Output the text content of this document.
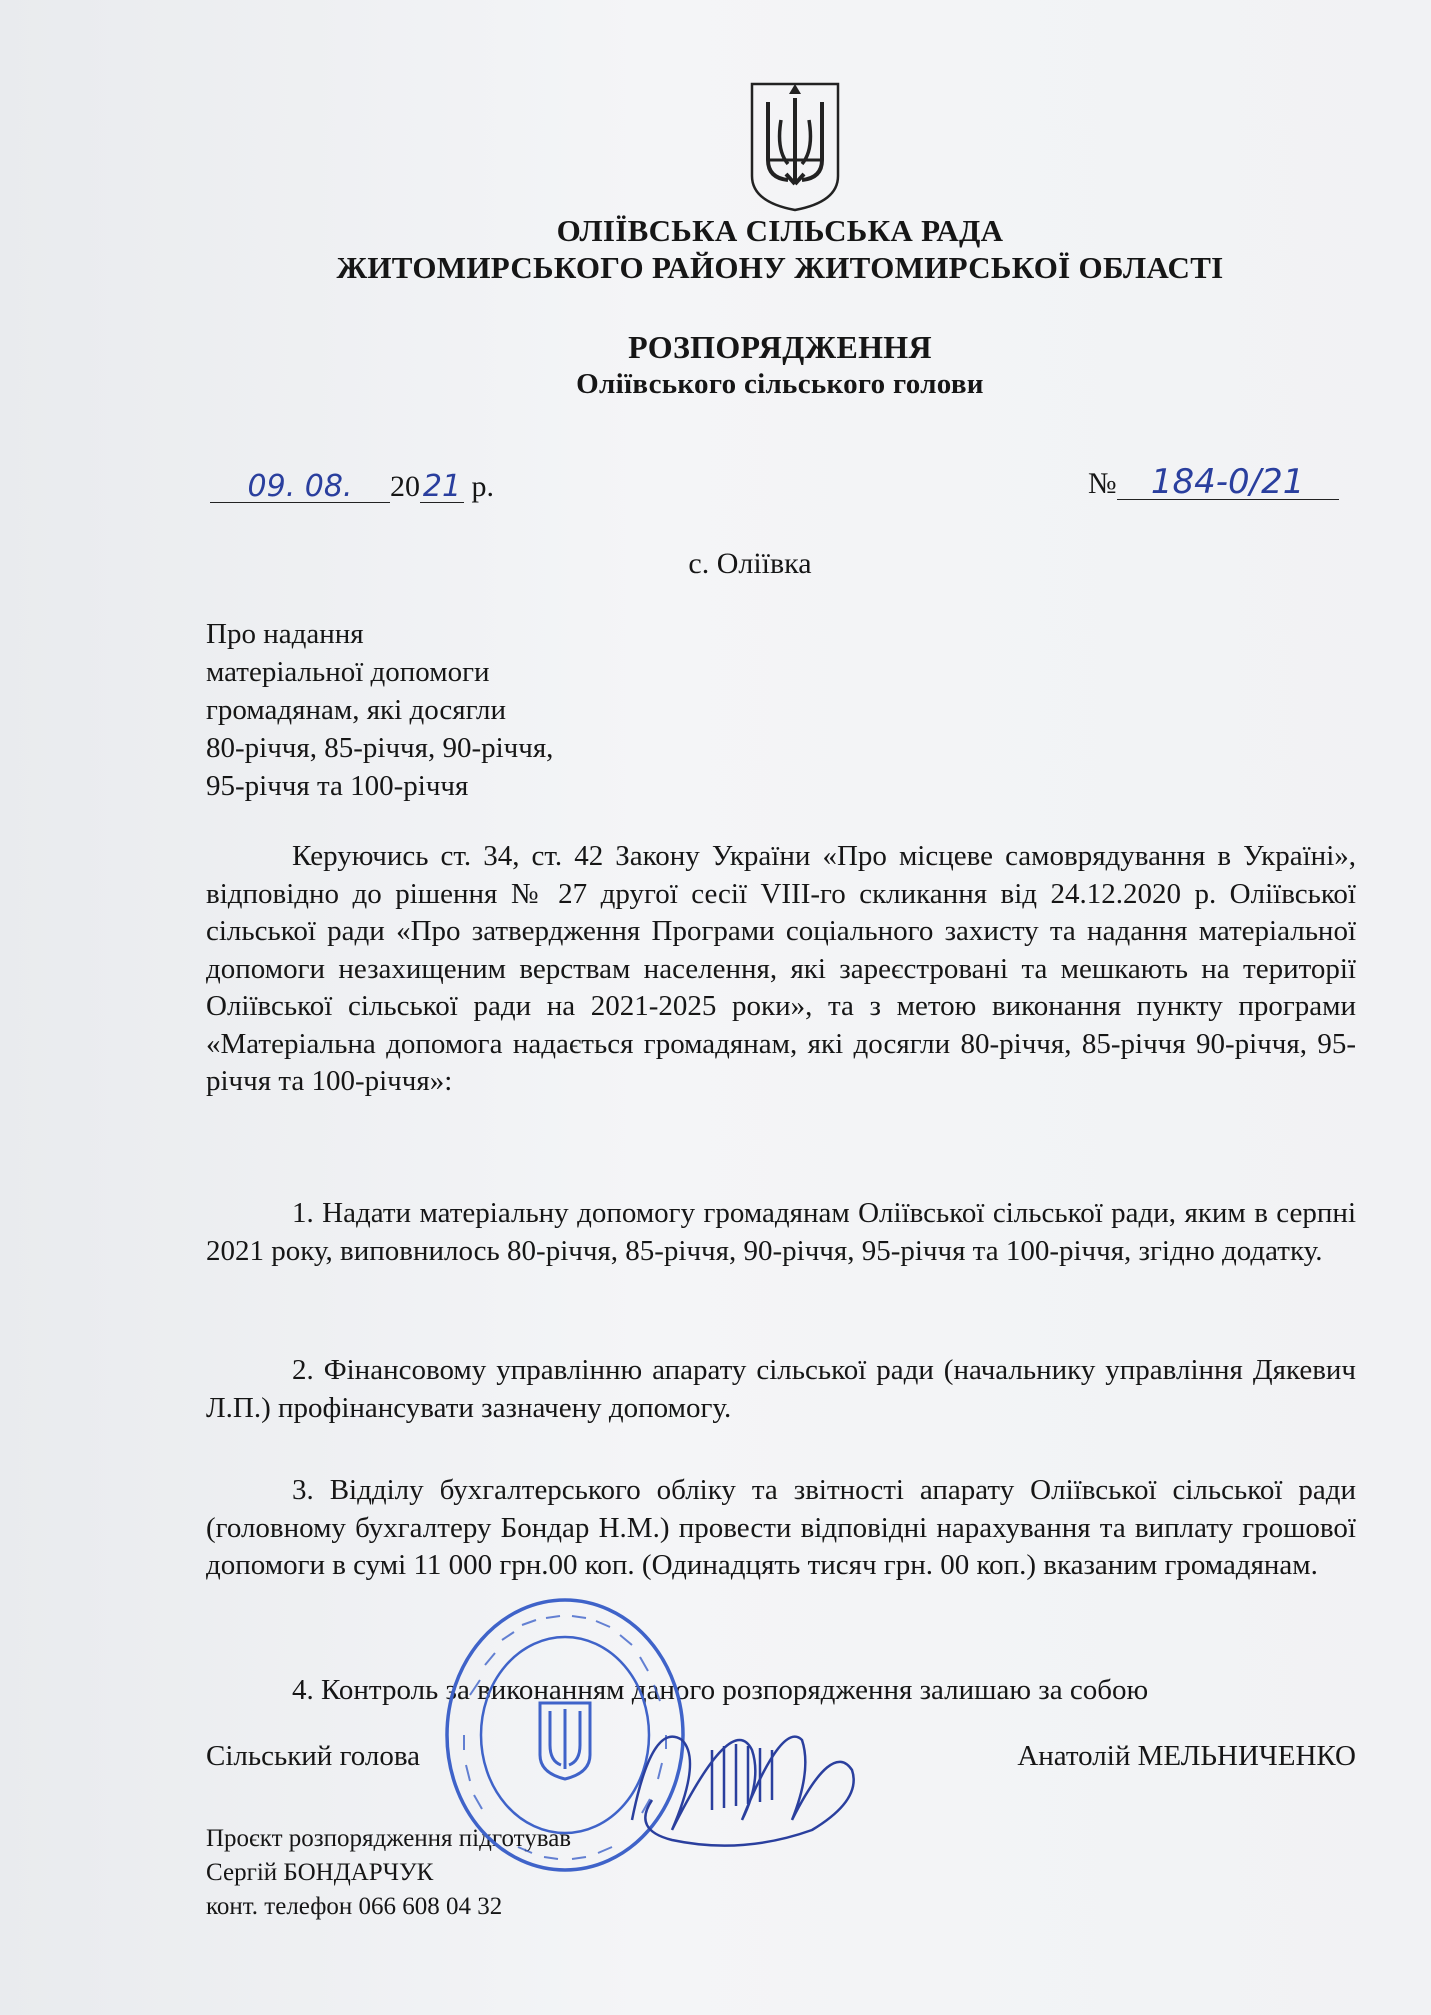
ОЛІЇВСЬКА СІЛЬСЬКА РАДА
ЖИТОМИРСЬКОГО РАЙОНУ ЖИТОМИРСЬКОЇ ОБЛАСТІ
РОЗПОРЯДЖЕННЯ
Оліївського сільського голови
09. 08. 2021 р.	№ 184-0/21
с. Оліївка
Про надання
матеріальної допомоги
громадянам, які досягли
80-річчя, 85-річчя, 90-річчя,
95-річчя та 100-річчя
Керуючись ст. 34, ст. 42 Закону України «Про місцеве самоврядування в Україні», відповідно до рішення № 27 другої сесії VIII-го скликання від 24.12.2020 р. Оліївської сільської ради «Про затвердження Програми соціального захисту та надання матеріальної допомоги незахищеним верствам населення, які зареєстровані та мешкають на території Оліївської сільської ради на 2021-2025 роки», та з метою виконання пункту програми «Матеріальна допомога надається громадянам, які досягли 80-річчя, 85-річчя 90-річчя, 95-річчя та 100-річчя»:
1. Надати матеріальну допомогу громадянам Оліївської сільської ради, яким в серпні 2021 року, виповнилось 80-річчя, 85-річчя, 90-річчя, 95-річчя та 100-річчя, згідно додатку.
2. Фінансовому управлінню апарату сільської ради (начальнику управління Дякевич Л.П.) профінансувати зазначену допомогу.
3. Відділу бухгалтерського обліку та звітності апарату Оліївської сільської ради (головному бухгалтеру Бондар Н.М.) провести відповідні нарахування та виплату грошової допомоги в сумі 11 000 грн.00 коп. (Одинадцять тисяч грн. 00 коп.) вказаним громадянам.
4. Контроль за виконанням даного розпорядження залишаю за собою
Сільський голова	Анатолій МЕЛЬНИЧЕНКО
Проєкт розпорядження підготував
Сергій БОНДАРЧУК
конт. телефон 066 608 04 32
